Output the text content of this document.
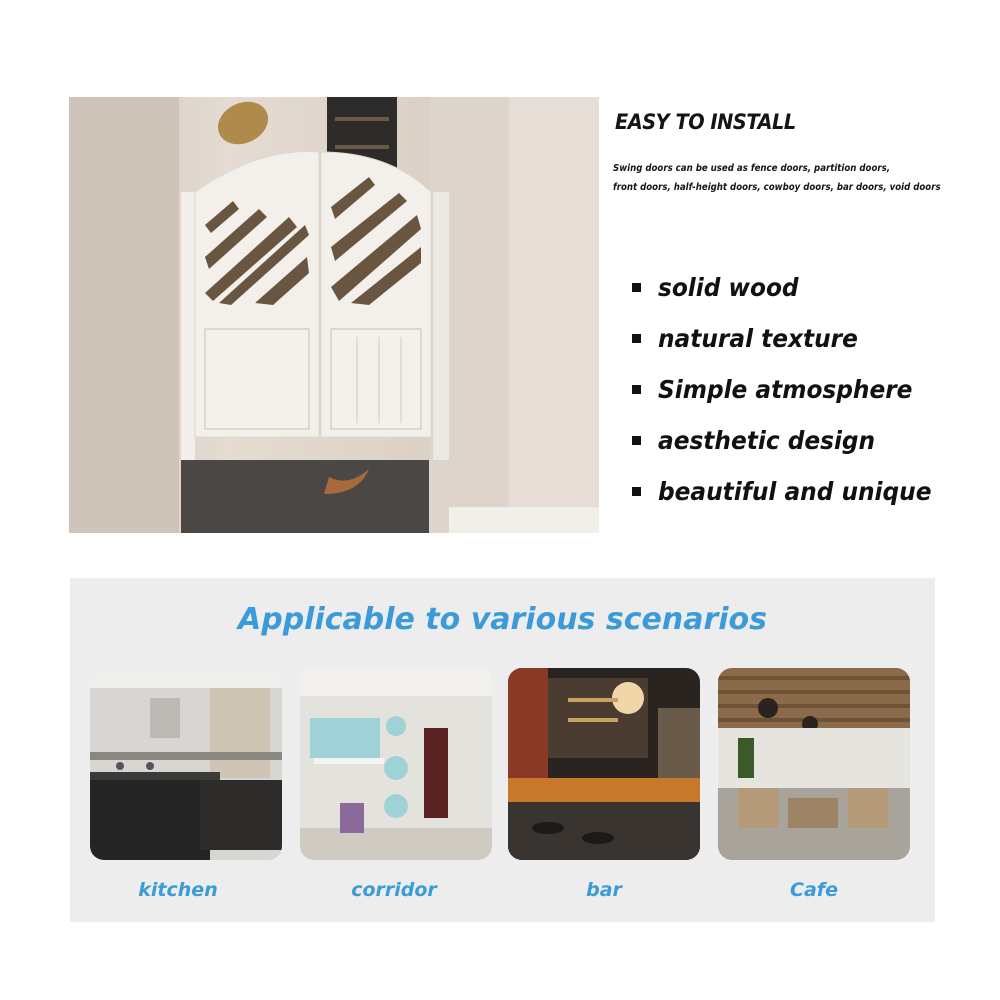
EASY TO INSTALL

Swing doors can be used as fence doors, partition doors,

front doors, half-height doors, cowboy doors, bar doors, void doors

solid wood
natural texture
Simple atmosphere
aesthetic design
beautiful and unique
Applicable to various scenarios
kitchen	corridor	bar	Cafe
